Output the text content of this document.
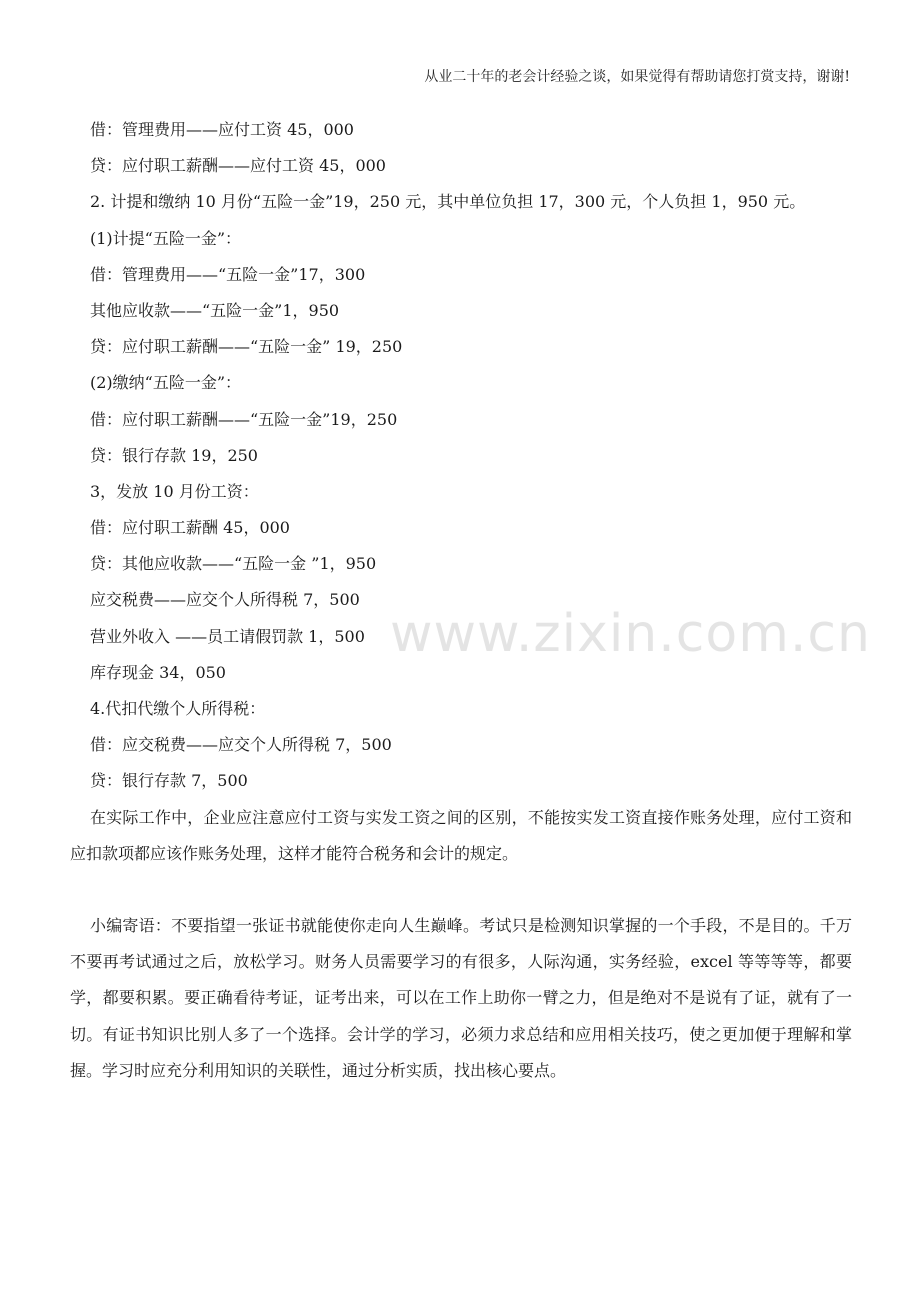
从业二十年的老会计经验之谈，如果觉得有帮助请您打赏支持，谢谢!
www.zixin.com.cn
借：管理费用——应付工资 45，000
贷：应付职工薪酬——应付工资 45，000

2. 计提和缴纳 10 月份“五险一金”19，250 元，其中单位负担 17，300 元，个人负担 1，950 元。

(1)计提“五险一金”：
借：管理费用——“五险一金”17，300
其他应收款——“五险一金”1，950
贷：应付职工薪酬——“五险一金” 19，250
(2)缴纳“五险一金”：
借：应付职工薪酬——“五险一金”19，250
贷：银行存款 19，250
3，发放 10 月份工资：
借：应付职工薪酬 45，000
贷：其他应收款——“五险一金 ”1，950
应交税费——应交个人所得税 7，500
营业外收入 ——员工请假罚款 1，500
库存现金 34，050
4.代扣代缴个人所得税：
借：应交税费——应交个人所得税 7，500
贷：银行存款 7，500

在实际工作中，企业应注意应付工资与实发工资之间的区别，不能按实发工资直接作账务处理，应付工资和应扣款项都应该作账务处理，这样才能符合税务和会计的规定。

小编寄语：不要指望一张证书就能使你走向人生巅峰。考试只是检测知识掌握的一个手段，不是目的。千万不要再考试通过之后，放松学习。财务人员需要学习的有很多，人际沟通，实务经验，excel 等等等等，都要学，都要积累。要正确看待考证，证考出来，可以在工作上助你一臂之力，但是绝对不是说有了证，就有了一切。有证书知识比别人多了一个选择。会计学的学习，必须力求总结和应用相关技巧，使之更加便于理解和掌握。学习时应充分利用知识的关联性，通过分析实质，找出核心要点。
